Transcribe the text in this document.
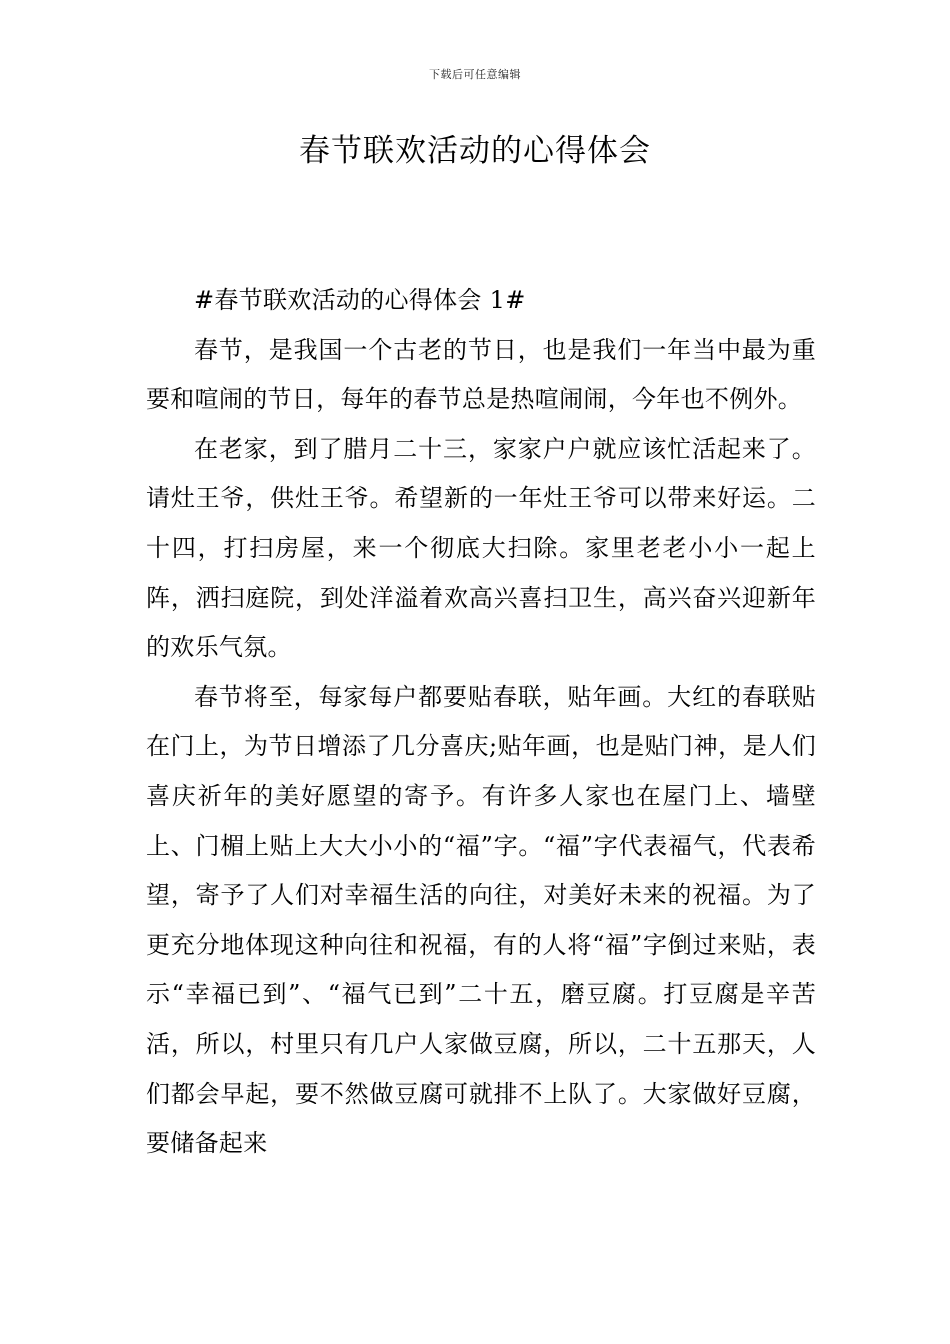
下载后可任意编辑
春节联欢活动的心得体会

#春节联欢活动的心得体会 1#

春节，是我国一个古老的节日，也是我们一年当中最为重要和喧闹的节日，每年的春节总是热喧闹闹，今年也不例外。

在老家，到了腊月二十三，家家户户就应该忙活起来了。请灶王爷，供灶王爷。希望新的一年灶王爷可以带来好运。二十四，打扫房屋，来一个彻底大扫除。家里老老小小一起上阵，洒扫庭院，到处洋溢着欢高兴喜扫卫生，高兴奋兴迎新年的欢乐气氛。

春节将至，每家每户都要贴春联，贴年画。大红的春联贴在门上，为节日增添了几分喜庆;贴年画，也是贴门神，是人们喜庆祈年的美好愿望的寄予。有许多人家也在屋门上、墙壁上、门楣上贴上大大小小的“福”字。“福”字代表福气，代表希望，寄予了人们对幸福生活的向往，对美好未来的祝福。为了更充分地体现这种向往和祝福，有的人将“福”字倒过来贴，表示“幸福已到”、“福气已到”二十五，磨豆腐。打豆腐是辛苦活，所以，村里只有几户人家做豆腐，所以，二十五那天，人们都会早起，要不然做豆腐可就排不上队了。大家做好豆腐，要储备起来
